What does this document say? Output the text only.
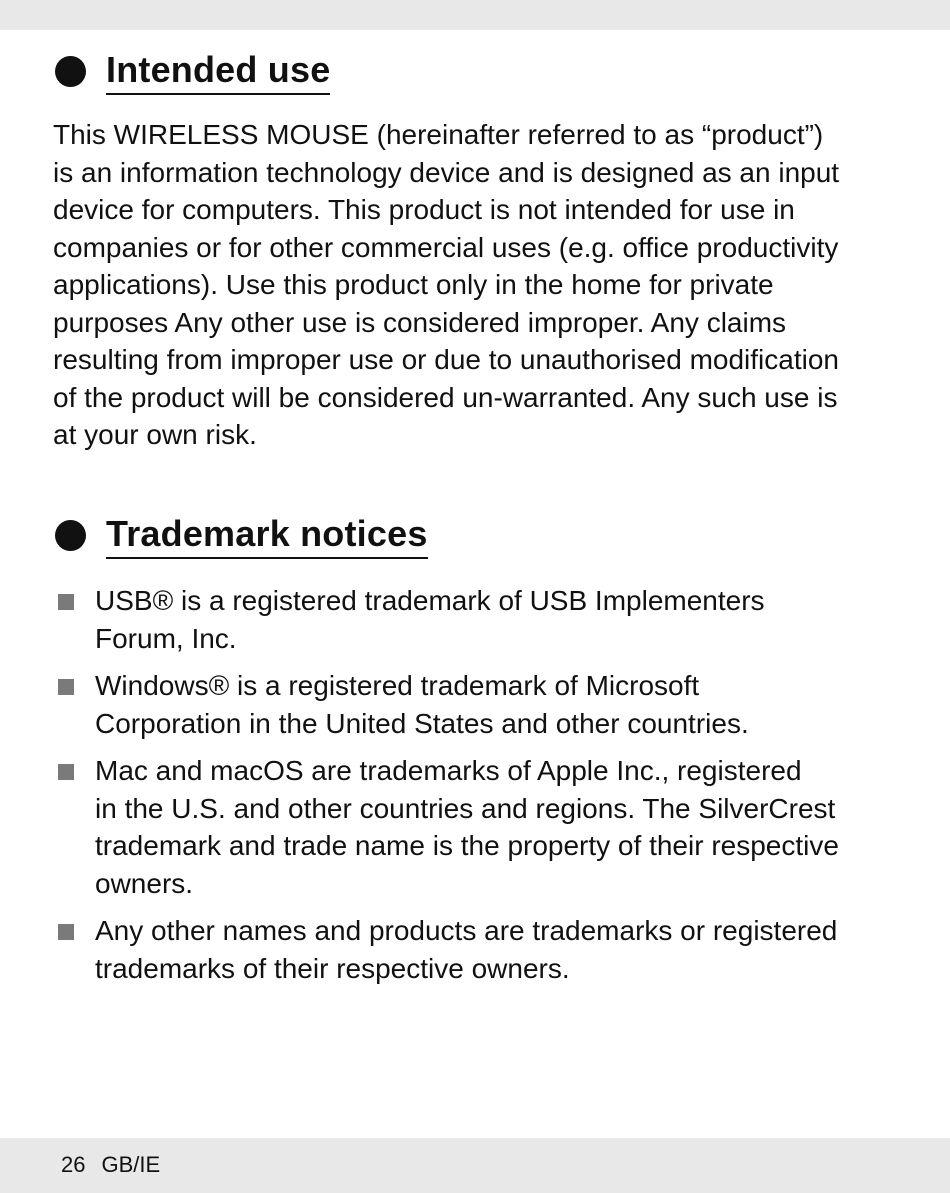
Intended use

This WIRELESS MOUSE (hereinafter referred to as “product”)
is an information technology device and is designed as an input
device for computers. This product is not intended for use in
companies or for other commercial uses (e.g. office productivity
applications). Use this product only in the home for private
purposes Any other use is considered improper. Any claims
resulting from improper use or due to unauthorised modification
of the product will be considered un-warranted. Any such use is
at your own risk.

Trademark notices
USB® is a registered trademark of USB Implementers
Forum, Inc.
Windows® is a registered trademark of Microsoft
Corporation in the United States and other countries.
Mac and macOS are trademarks of Apple Inc., registered
in the U.S. and other countries and regions. The SilverCrest
trademark and trade name is the property of their respective
owners.
Any other names and products are trademarks or registered
trademarks of their respective owners.
26 GB/IE
